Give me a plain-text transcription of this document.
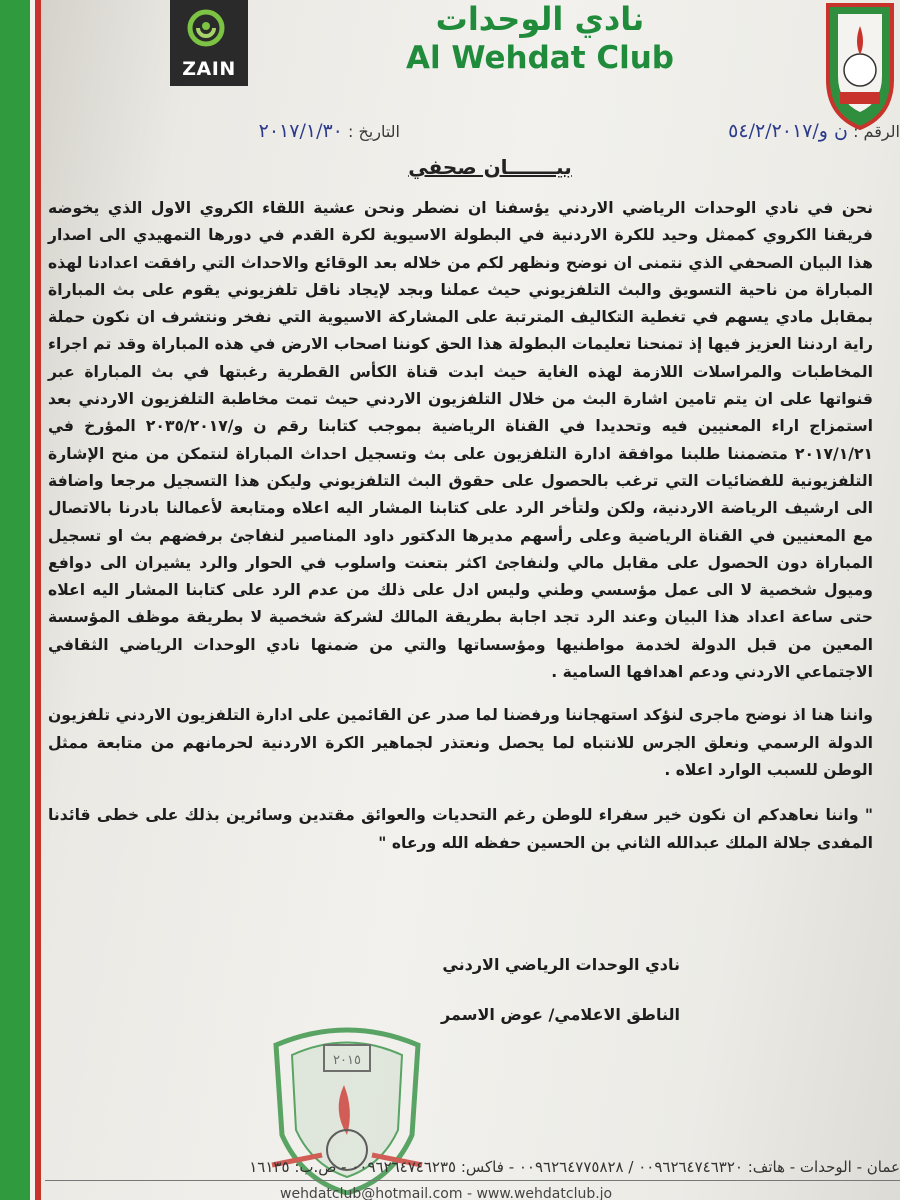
ZAIN
نادي الوحدات
Al Wehdat Club
التاريخ : ٢٠١٧/١/٣٠	الرقم : ن و/٥٤/٢/٢٠١٧
بيـــــــان صحفي

نحن في نادي الوحدات الرياضي الاردني يؤسفنا ان نضطر ونحن عشية اللقاء الكروي الاول الذي يخوضه فريقنا الكروي كممثل وحيد للكرة الاردنية في البطولة الاسيوية لكرة القدم في دورها التمهيدي الى اصدار هذا البيان الصحفي الذي نتمنى ان نوضح ونظهر لكم من خلاله بعد الوقائع والاحداث التي رافقت اعدادنا لهذه المباراة من ناحية التسويق والبث التلفزيوني حيث عملنا وبجد لإيجاد ناقل تلفزيوني يقوم على بث المباراة بمقابل مادي يسهم في تغطية التكاليف المترتبة على المشاركة الاسيوية التي نفخر ونتشرف ان نكون حملة راية اردننا العزيز فيها إذ تمنحنا تعليمات البطولة هذا الحق كوننا اصحاب الارض في هذه المباراة وقد تم اجراء المخاطبات والمراسلات اللازمة لهذه الغاية حيث ابدت قناة الكأس القطرية رغبتها في بث المباراة عبر قنواتها على ان يتم تامين اشارة البث من خلال التلفزيون الاردني حيث تمت مخاطبة التلفزيون الاردني بعد استمزاج اراء المعنيين فيه وتحديدا في القناة الرياضية بموجب كتابنا رقم ن و/٢٠٣٥/٢٠١٧ المؤرخ في ٢٠١٧/١/٢١ متضمننا طلبنا موافقة ادارة التلفزيون على بث وتسجيل احداث المباراة لنتمكن من منح الإشارة التلفزيونية للفضائيات التي ترغب بالحصول على حقوق البث التلفزيوني وليكن هذا التسجيل مرجعا واضافة الى ارشيف الرياضة الاردنية، ولكن ولتأخر الرد على كتابنا المشار اليه اعلاه ومتابعة لأعمالنا بادرنا بالاتصال مع المعنيين في القناة الرياضية وعلى رأسهم مديرها الدكتور داود المناصير لنفاجئ برفضهم بث او تسجيل المباراة دون الحصول على مقابل مالي ولنفاجئ اكثر بتعنت واسلوب في الحوار والرد يشيران الى دوافع وميول شخصية لا الى عمل مؤسسي وطني وليس ادل على ذلك من عدم الرد على كتابنا المشار اليه اعلاه حتى ساعة اعداد هذا البيان وعند الرد تجد اجابة بطريقة المالك لشركة شخصية لا بطريقة موظف المؤسسة المعين من قبل الدولة لخدمة مواطنيها ومؤسساتها والتي من ضمنها نادي الوحدات الرياضي الثقافي الاجتماعي الاردني ودعم اهدافها السامية .

واننا هنا اذ نوضح ماجرى لنؤكد استهجاننا ورفضنا لما صدر عن القائمين على ادارة التلفزيون الاردني تلفزيون الدولة الرسمي ونعلق الجرس للانتباه لما يحصل ونعتذر لجماهير الكرة الاردنية لحرمانهم من متابعة ممثل الوطن للسبب الوارد اعلاه .

" واننا نعاهدكم ان نكون خير سفراء للوطن رغم التحديات والعوائق مقتدين وسائرين بذلك على خطى قائدنا المفدى جلالة الملك عبدالله الثاني بن الحسين حفظه الله ورعاه "

نادي الوحدات الرياضي الاردني
الناطق الاعلامي/ عوض الاسمر
٢٠١٥
عمان - الوحدات - هاتف: ٠٠٩٦٢٦٤٧٤٦٣٢٠ / ٠٠٩٦٢٦٤٧٧٥٨٢٨ - فاكس: ٠٠٩٦٢٦٤٧٤٦٢٣٥ - ص.ب: ١٦١٣٥
wehdatclub@hotmail.com - www.wehdatclub.jo
